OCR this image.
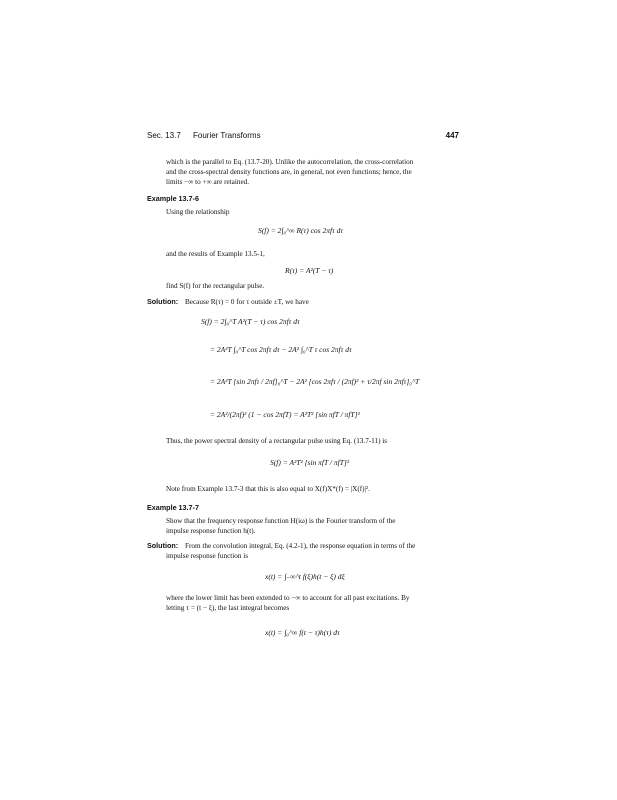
Sec. 13.7 Fourier Transforms	447
which is the parallel to Eq. (13.7-20). Unlike the autocorrelation, the cross-correlation
and the cross-spectral density functions are, in general, not even functions; hence, the
limits −∞ to +∞ are retained.
Example 13.7-6
Using the relationship
S(f) = 2∫₀^∞ R(τ) cos 2πfτ dτ
and the results of Example 13.5-1,
R(τ) = A²(T − τ)
find S(f) for the rectangular pulse.
Solution: Because R(τ) = 0 for τ outside ±T, we have
S(f) = 2∫₀^T A²(T − τ) cos 2πfτ dτ
= 2A²T ∫₀^T cos 2πfτ dτ − 2A² ∫₀^T τ cos 2πfτ dτ
= 2A²T [sin 2πfτ / 2πf]₀^T − 2A² [cos 2πfτ / (2πf)² + τ/2πf sin 2πfτ]₀^T
= 2A²/(2πf)² (1 − cos 2πfT) = A²T² [sin πfT / πfT]²
Thus, the power spectral density of a rectangular pulse using Eq. (13.7-11) is
S(f) = A²T² [sin πfT / πfT]²
Note from Example 13.7-3 that this is also equal to X(f)X*(f) = |X(f)|².
Example 13.7-7
Show that the frequency response function H(iω) is the Fourier transform of the
impulse response function h(t).
Solution: From the convolution integral, Eq. (4.2-1), the response equation in terms of the
impulse response function is
x(t) = ∫₋∞^t f(ξ)h(t − ξ) dξ
where the lower limit has been extended to −∞ to account for all past excitations. By
letting τ = (t − ξ), the last integral becomes
x(t) = ∫₀^∞ f(t − τ)h(τ) dτ
